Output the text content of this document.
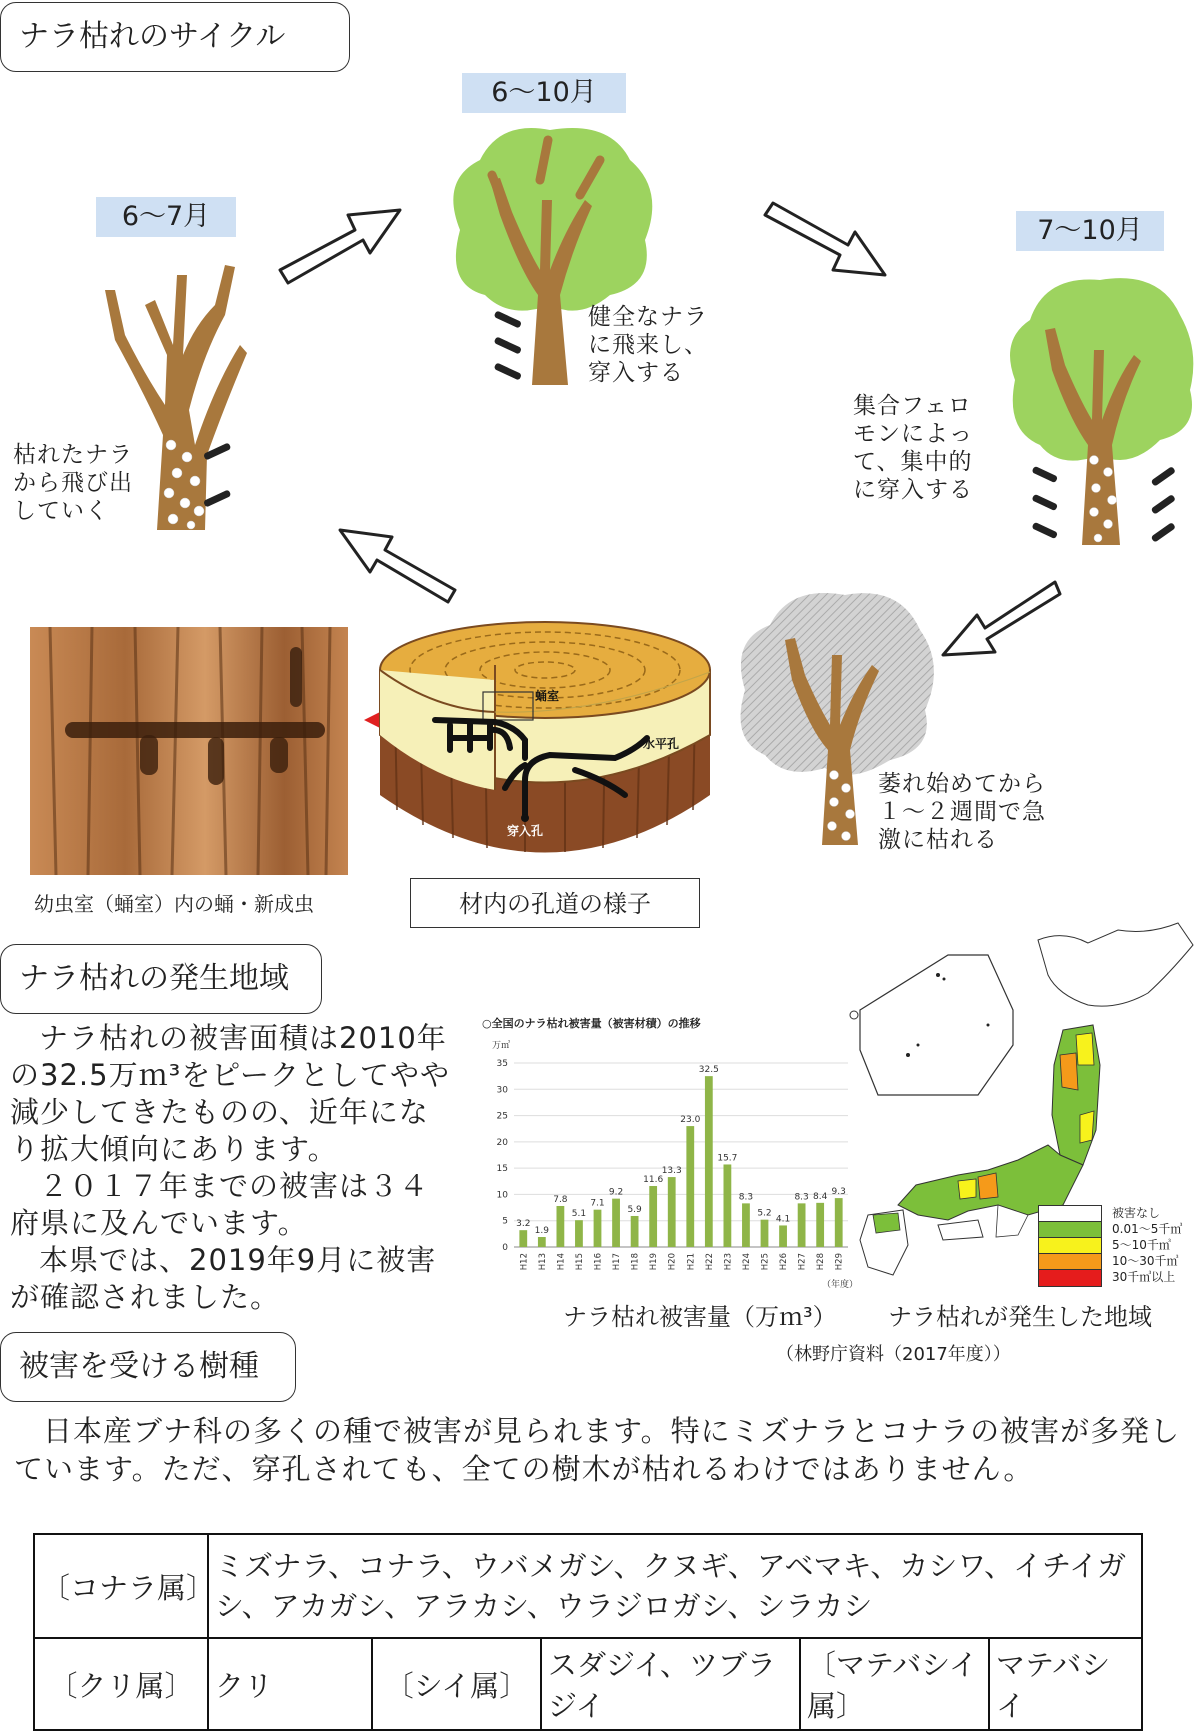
ナラ枯れのサイクル
6〜7月
6〜10月
7〜10月
枯れたナラ
から飛び出
していく
健全なナラ
に飛来し、
穿入する
集合フェロ
モンによっ
て、集中的
に穿入する
萎れ始めてから
１〜２週間で急
激に枯れる
幼虫室（蛹室）内の蛹・新成虫
蛹室
水平孔
穿入孔
材内の孔道の様子
ナラ枯れの発生地域

ナラ枯れの被害面積は2010年の32.5万ｍ³をピークとしてやや減少してきたものの、近年になり拡大傾向にあります。

２０１７年までの被害は３４府県に及んでいます。

本県では、2019年9月に被害が確認されました。

○全国のナラ枯れ被害量（被害材積）の推移
万㎥
（年度）
0
5
10
15
20
25
30
35
3.2
H12
1.9
H13
7.8
H14
5.1
H15
7.1
H16
9.2
H17
5.9
H18
11.6
H19
13.3
H20
23.0
H21
32.5
H22
15.7
H23
8.3
H24
5.2
H25
4.1
H26
8.3
H27
8.4
H28
9.3
H29
ナラ枯れ被害量（万ｍ³）
（林野庁資料（2017年度））
被害なし
0.01〜5千㎥
5〜10千㎥
10〜30千㎥
30千㎥以上
ナラ枯れが発生した地域
被害を受ける樹種
日本産ブナ科の多くの種で被害が見られます。特にミズナラとコナラの被害が多発しています。ただ、穿孔されても、全ての樹木が枯れるわけではありません。
〔コナラ属〕	ミズナラ、コナラ、ウバメガシ、クヌギ、アベマキ、カシワ、イチイガシ、アカガシ、アラカシ、ウラジロガシ、シラカシ				
〔クリ属〕	クリ	〔シイ属〕	スダジイ、ツブラジイ	〔マテバシイ属〕	マテバシイ
